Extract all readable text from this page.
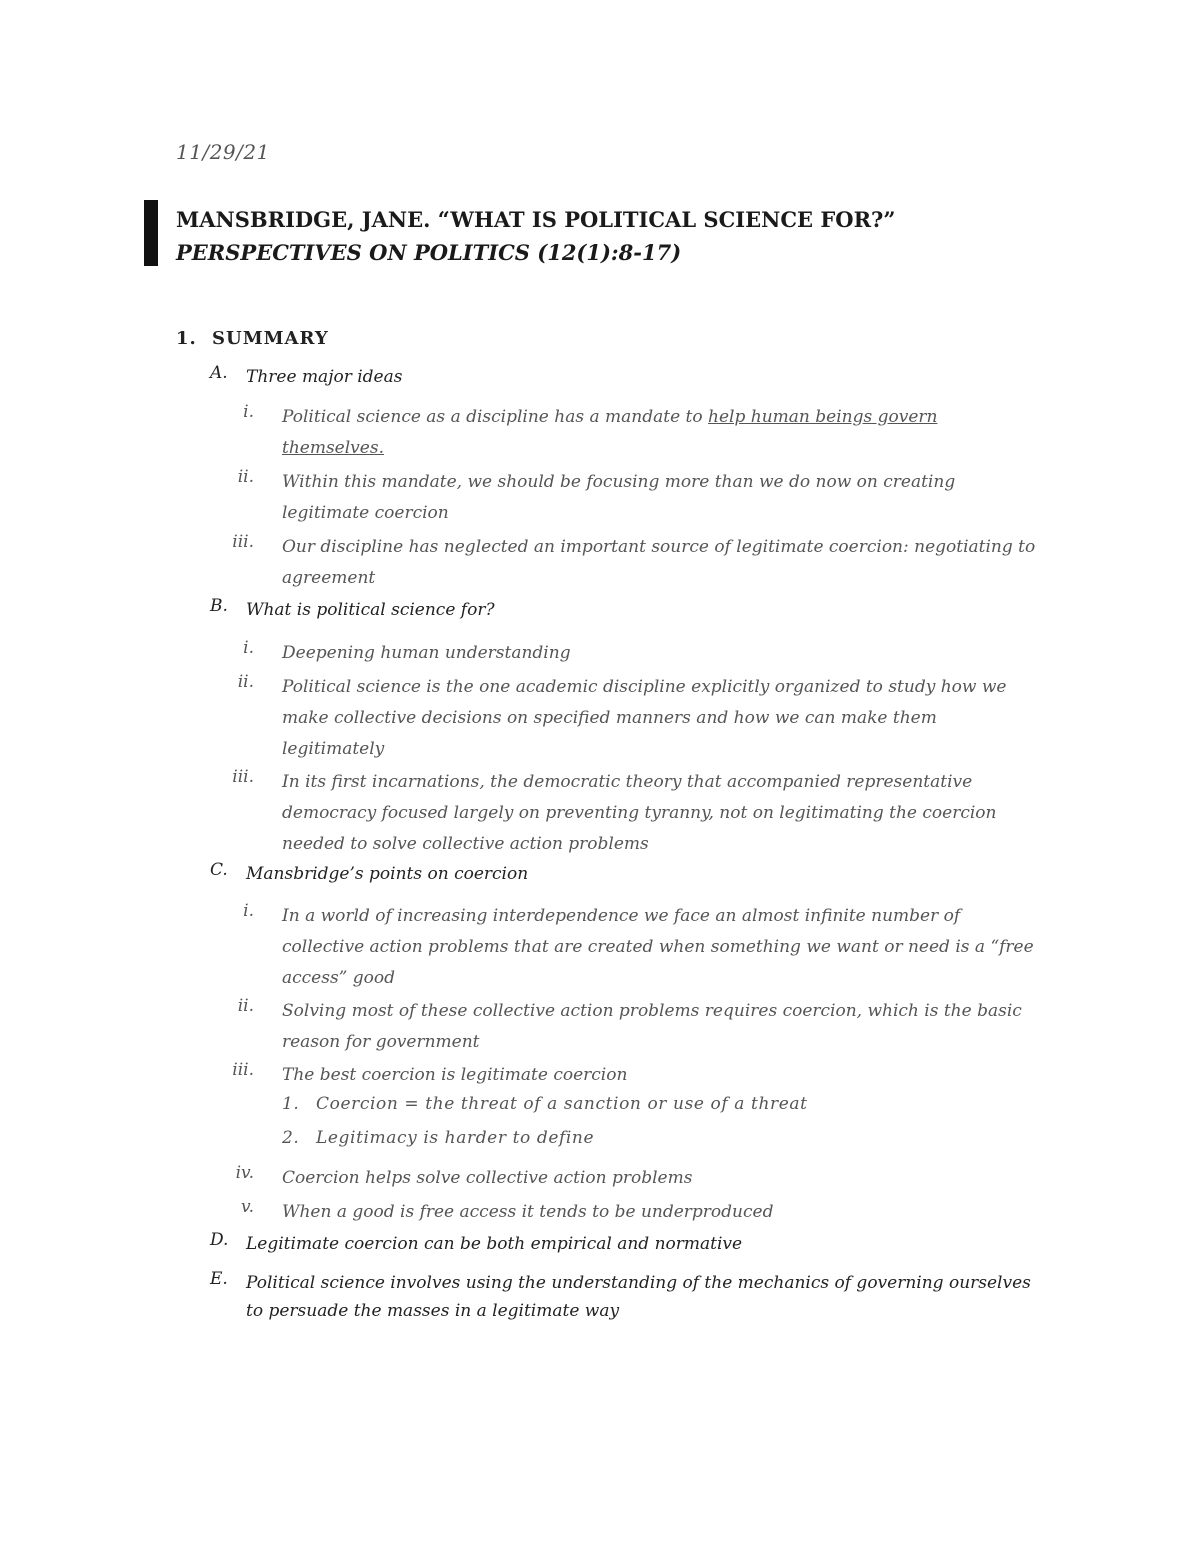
11/29/21
MANSBRIDGE, JANE. “WHAT IS POLITICAL SCIENCE FOR?” PERSPECTIVES ON POLITICS (12(1):8-17)
1. SUMMARY
A. Three major ideas
i. Political science as a discipline has a mandate to help human beings govern themselves.
ii. Within this mandate, we should be focusing more than we do now on creating legitimate coercion
iii. Our discipline has neglected an important source of legitimate coercion: negotiating to agreement
B. What is political science for?
i. Deepening human understanding
ii. Political science is the one academic discipline explicitly organized to study how we make collective decisions on specified manners and how we can make them legitimately
iii. In its first incarnations, the democratic theory that accompanied representative democracy focused largely on preventing tyranny, not on legitimating the coercion needed to solve collective action problems
C. Mansbridge’s points on coercion
i. In a world of increasing interdependence we face an almost infinite number of collective action problems that are created when something we want or need is a “free access” good
ii. Solving most of these collective action problems requires coercion, which is the basic reason for government
iii. The best coercion is legitimate coercion
1. Coercion = the threat of a sanction or use of a threat
2. Legitimacy is harder to define
iv. Coercion helps solve collective action problems
v. When a good is free access it tends to be underproduced
D. Legitimate coercion can be both empirical and normative
E. Political science involves using the understanding of the mechanics of governing ourselves to persuade the masses in a legitimate way
